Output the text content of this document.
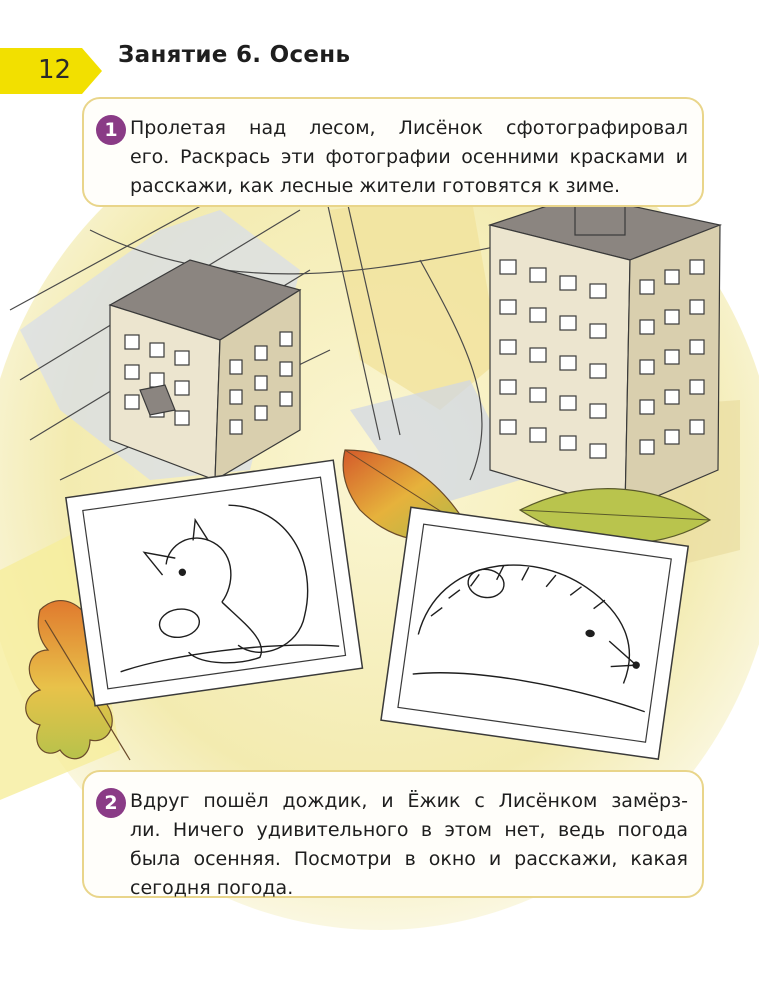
12 Занятие 6. Осень
1 Пролетая над лесом, Лисёнок сфотографировал
его. Раскрась эти фотографии осенними красками и
расскажи, как лесные жители готовятся к зиме.
2 Вдруг пошёл дождик, и Ёжик с Лисёнком замёрз-
ли. Ничего удивительного в этом нет, ведь погода
была осенняя. Посмотри в окно и расскажи, какая
сегодня погода.
